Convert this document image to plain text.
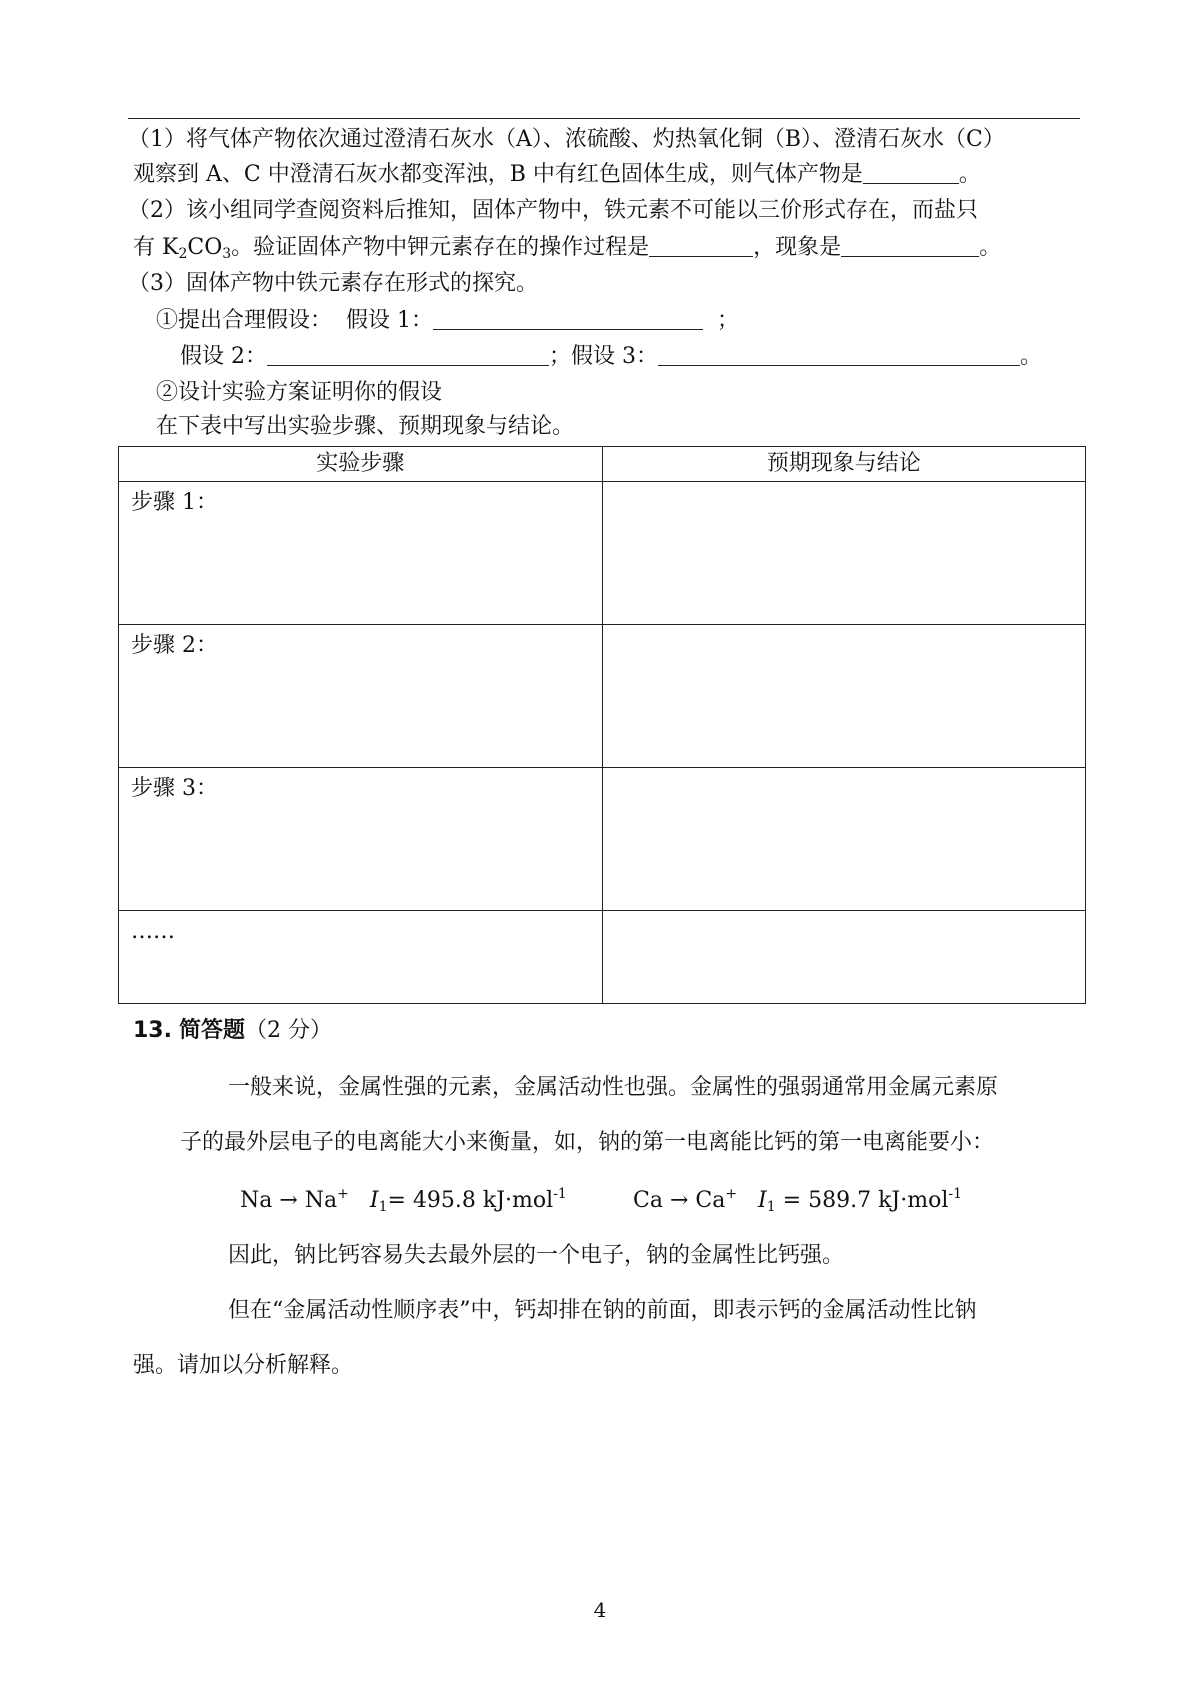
（1）将气体产物依次通过澄清石灰水（A）、浓硫酸、灼热氧化铜（B）、澄清石灰水（C）
观察到 A、C 中澄清石灰水都变浑浊，B 中有红色固体生成，则气体产物是	。
（2）该小组同学查阅资料后推知，固体产物中，铁元素不可能以三价形式存在，而盐只
有 $K_2CO_3$。验证固体产物中钾元素存在的操作过程是	，现象是	。
（3）固体产物中铁元素存在形式的探究。
①提出合理假设： 假设 1：	；
假设 2：	；假设 3：	。
②设计实验方案证明你的假设
在下表中写出实验步骤、预期现象与结论。
实验步骤	预期现象与结论
步骤 1：	
步骤 2：	
步骤 3：	
……	
13. 简答题（2 分）
一般来说，金属性强的元素，金属活动性也强。金属性的强弱通常用金属元素原
子的最外层电子的电离能大小来衡量，如，钠的第一电离能比钙的第一电离能要小：
Na → Na+ $I_1= 495.8$ kJ·mol$^{-1}$	Ca → Ca+ $I_1 = 589.7$ kJ·mol$^{-1}$
因此，钠比钙容易失去最外层的一个电子，钠的金属性比钙强。
但在“金属活动性顺序表”中，钙却排在钠的前面，即表示钙的金属活动性比钠
强。请加以分析解释。
4
